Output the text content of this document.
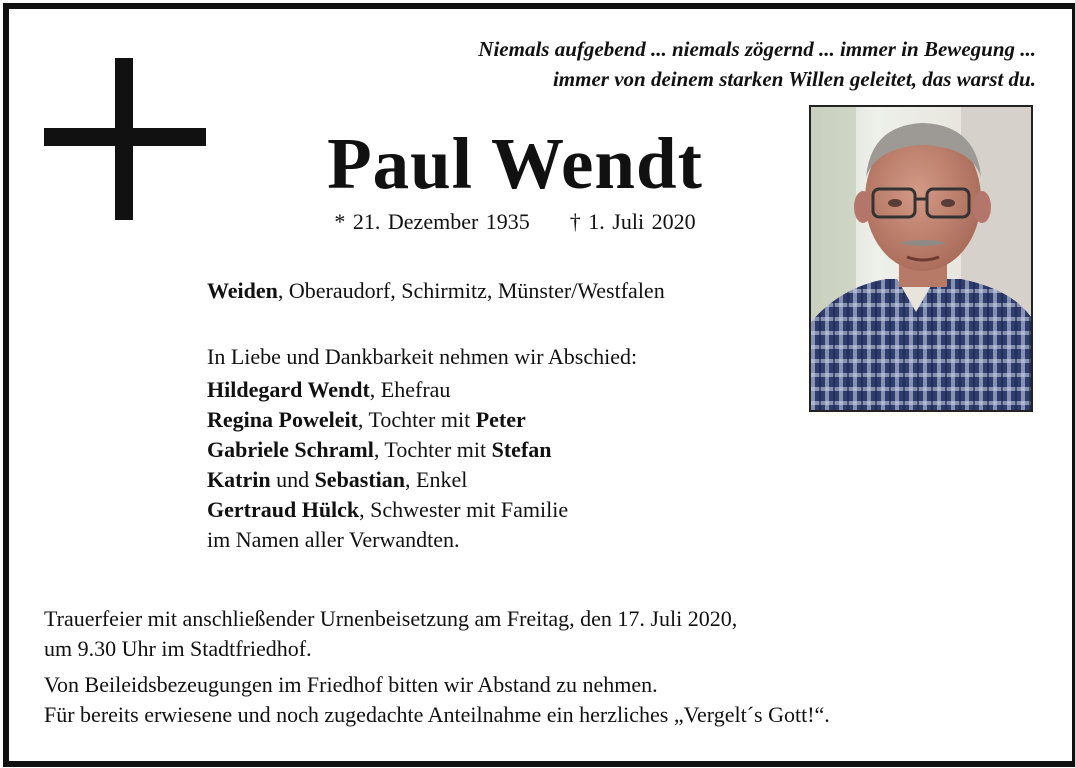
Niemals aufgebend ... niemals zögernd ... immer in Bewegung ...
immer von deinem starken Willen geleitet, das warst du.
Paul Wendt
* 21. Dezember 1935 † 1. Juli 2020
Weiden, Oberaudorf, Schirmitz, Münster/Westfalen
In Liebe und Dankbarkeit nehmen wir Abschied:
Hildegard Wendt, Ehefrau
Regina Poweleit, Tochter mit Peter
Gabriele Schraml, Tochter mit Stefan
Katrin und Sebastian, Enkel
Gertraud Hülck, Schwester mit Familie
im Namen aller Verwandten.
Trauerfeier mit anschließender Urnenbeisetzung am Freitag, den 17. Juli 2020,
um 9.30 Uhr im Stadtfriedhof.
Von Beileidsbezeugungen im Friedhof bitten wir Abstand zu nehmen.
Für bereits erwiesene und noch zugedachte Anteilnahme ein herzliches „Vergelt´s Gott!“.
